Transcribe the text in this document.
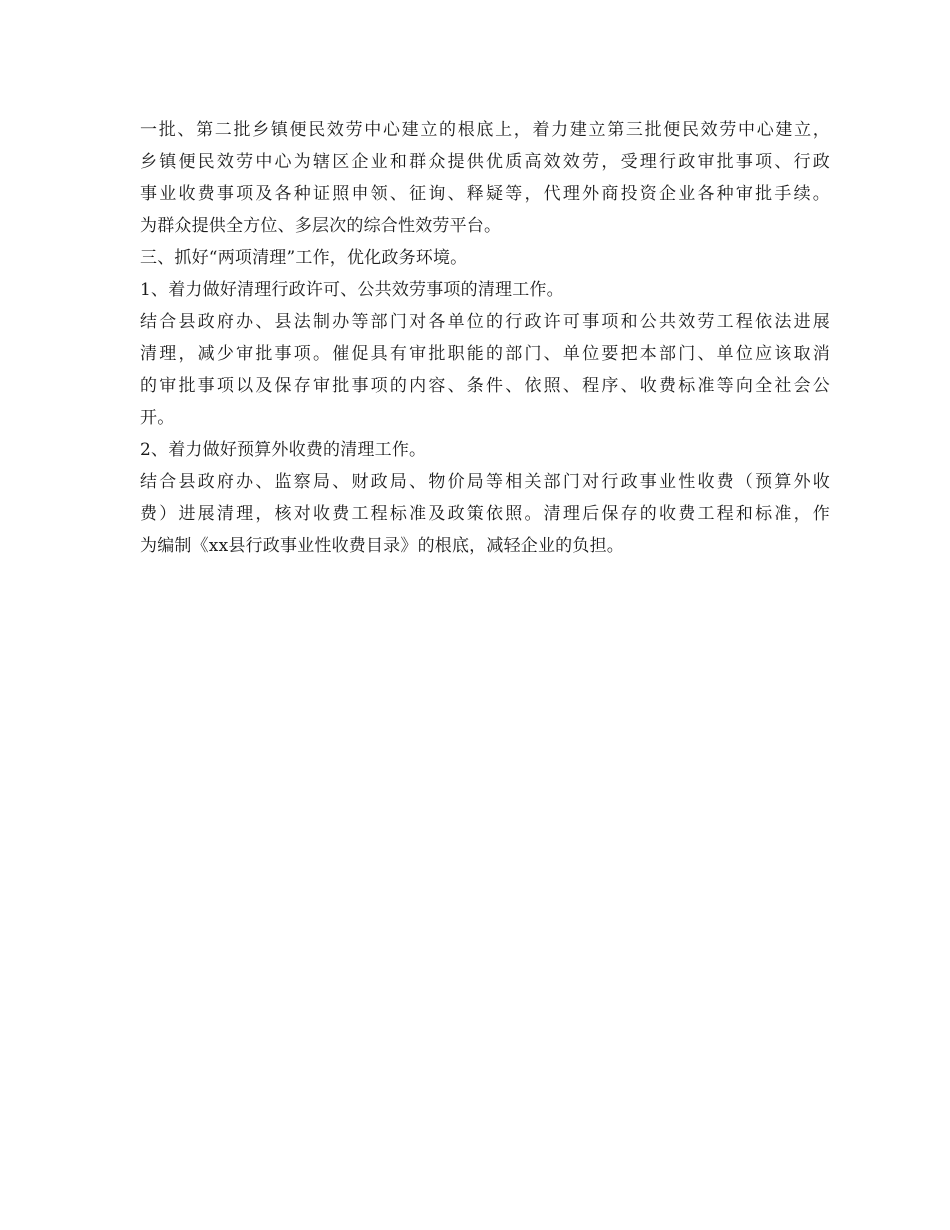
一批、第二批乡镇便民效劳中心建立的根底上，着力建立第三批便民效劳中心建立，
乡镇便民效劳中心为辖区企业和群众提供优质高效效劳，受理行政审批事项、行政
事业收费事项及各种证照申领、征询、释疑等，代理外商投资企业各种审批手续。
为群众提供全方位、多层次的综合性效劳平台。
三、抓好“两项清理”工作，优化政务环境。
1、着力做好清理行政许可、公共效劳事项的清理工作。
结合县政府办、县法制办等部门对各单位的行政许可事项和公共效劳工程依法进展
清理，减少审批事项。催促具有审批职能的部门、单位要把本部门、单位应该取消
的审批事项以及保存审批事项的内容、条件、依照、程序、收费标准等向全社会公
开。
2、着力做好预算外收费的清理工作。
结合县政府办、监察局、财政局、物价局等相关部门对行政事业性收费（预算外收
费）进展清理，核对收费工程标准及政策依照。清理后保存的收费工程和标准，作
为编制《xx县行政事业性收费目录》的根底，减轻企业的负担。
